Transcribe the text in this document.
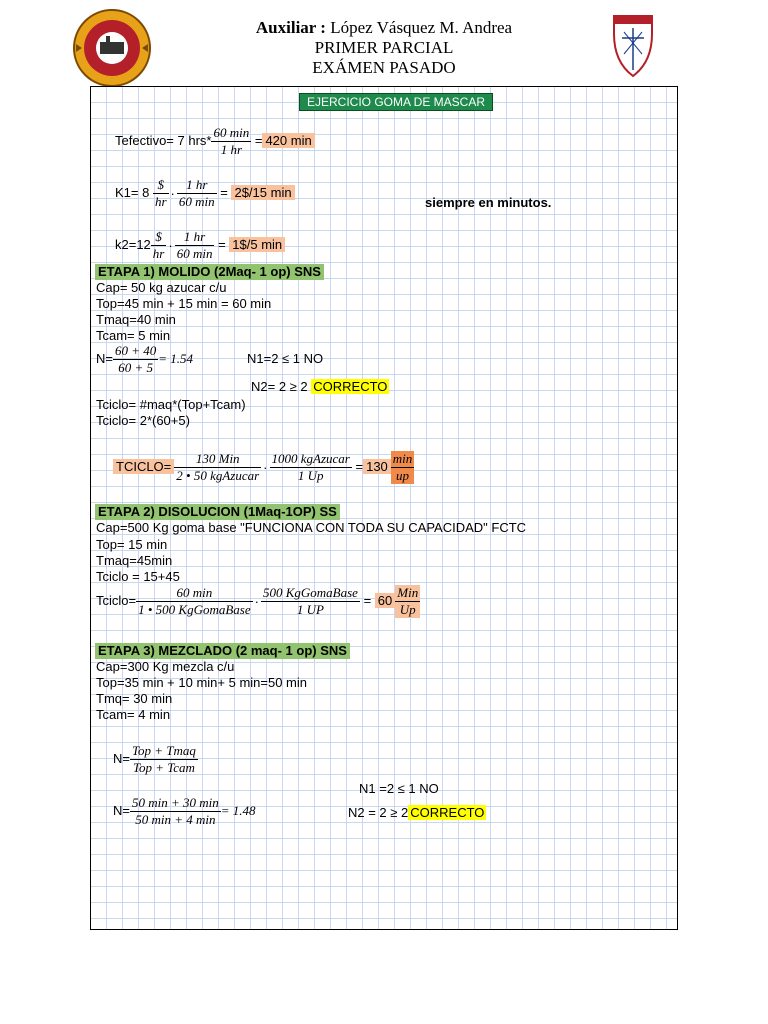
Auxiliar : López Vásquez M. Andrea
PRIMER PARCIAL
EXÁMEN PASADO
EJERCICIO GOMA DE MASCAR
Tefectivo= 7 $hrs* \frac{60 \min}{1 hr} = 420$ min
$K1= 8 \frac{\$}{hr} \cdot \frac{1 hr}{60 \min}$ = 2$/15 min
siempre en minutos.
$k2=12 \frac{\$}{hr} \cdot \frac{1 hr}{60 \min}$ = 1$/5 min
ETAPA 1) MOLIDO (2Maq- 1 op) SNS
Cap= 50 kg azucar c/u
Top=45 min + 15 min = 60 min
Tmaq=40 min
Tcam= 5 min
$N= \frac{60 + 40}{60 + 5} = 1.54$	N1=2 ≤ 1 NO
N2= 2 ≥ 2 CORRECTO
Tciclo= #maq*(Top+Tcam)
Tciclo= 2*(60+5)
TCICLO= $\frac{\text{130 Min}}{\text{2 • 50 kgAzucar}} \cdot \frac{\text{1000 kgAzucar}}{1 Up} = 130 \frac{\min}{up}$
ETAPA 2) DISOLUCION (1Maq-1OP) SS
Cap=500 Kg goma base "FUNCIONA CON TODA SU CAPACIDAD" FCTC
Top= 15 min
Tmaq=45min
Tciclo = 15+45
Tciclo= $\frac{60 \min}{\text{1 • 500 KgGomaBase}} \cdot \frac{\text{500 KgGomaBase}}{1 UP} = 60 \frac{\text{Min}}{Up}$
ETAPA 3) MEZCLADO (2 maq- 1 op) SNS
Cap=300 Kg mezcla c/u
Top=35 min + 10 min+ 5 min=50 min
Tmq= 30 min
Tcam= 4 min
$N= \frac{\text{Top + Tmaq}}{\text{Top + Tcam}}$
N1 =2 ≤ 1 NO
$N= \frac{50 \min + 30 \min}{50 \min + 4 \min} = 1.48$	N2 = 2 ≥ 2 CORRECTO
